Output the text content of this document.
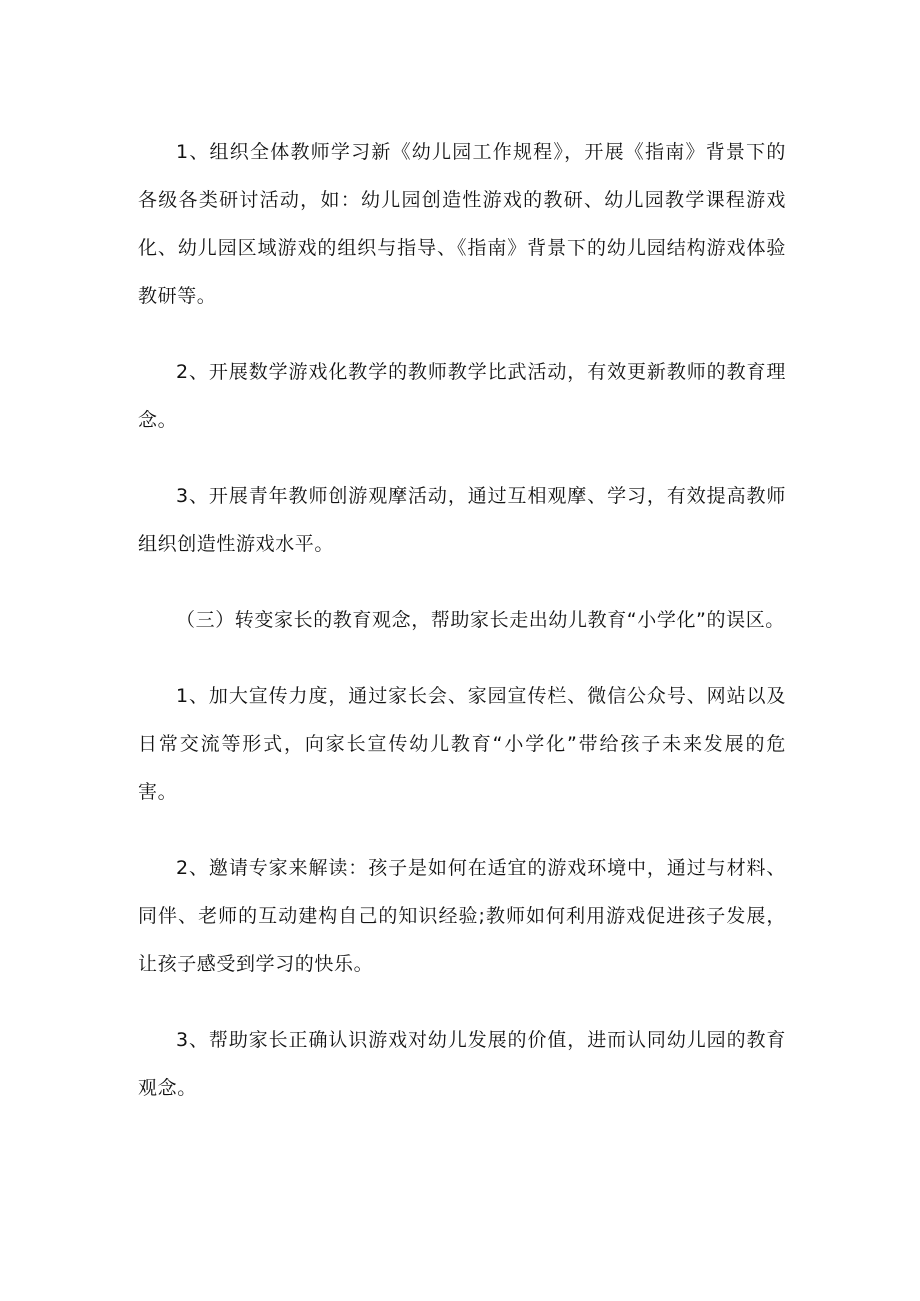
1、组织全体教师学习新《幼儿园工作规程》，开展《指南》背景下的各级各类研讨活动，如：幼儿园创造性游戏的教研、幼儿园教学课程游戏化、幼儿园区域游戏的组织与指导、《指南》背景下的幼儿园结构游戏体验教研等。

2、开展数学游戏化教学的教师教学比武活动，有效更新教师的教育理念。

3、开展青年教师创游观摩活动，通过互相观摩、学习，有效提高教师组织创造性游戏水平。

（三）转变家长的教育观念，帮助家长走出幼儿教育“小学化”的误区。

1、加大宣传力度，通过家长会、家园宣传栏、微信公众号、网站以及日常交流等形式，向家长宣传幼儿教育“小学化”带给孩子未来发展的危害。

2、邀请专家来解读：孩子是如何在适宜的游戏环境中，通过与材料、同伴、老师的互动建构自己的知识经验;教师如何利用游戏促进孩子发展，让孩子感受到学习的快乐。

3、帮助家长正确认识游戏对幼儿发展的价值，进而认同幼儿园的教育观念。
